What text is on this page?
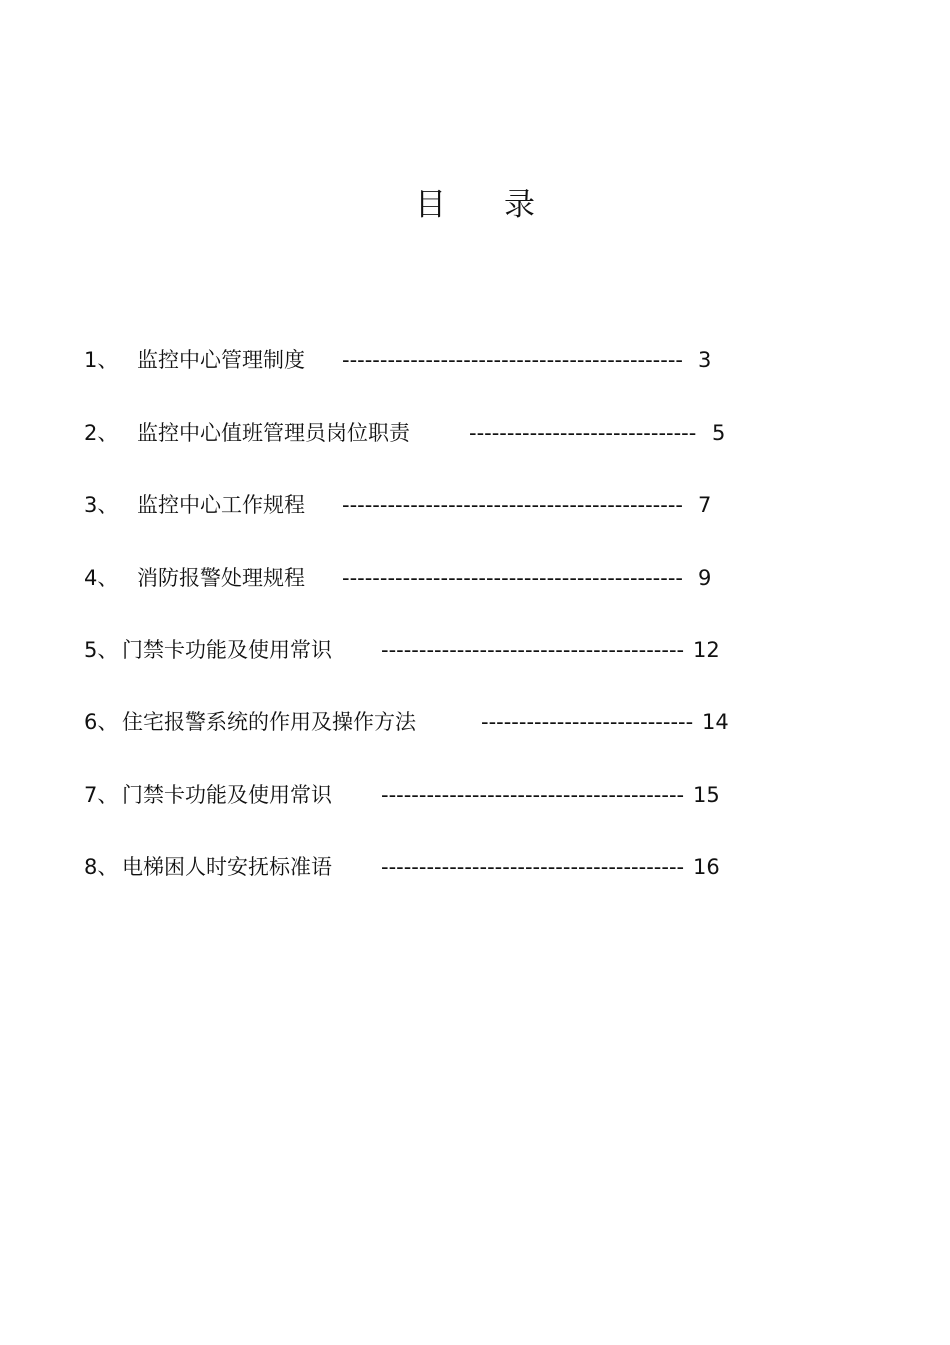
目 录
1、 监控中心管理制度 --------------------------------------------- 3
2、 监控中心值班管理员岗位职责	------------------------------ 5
3、 监控中心工作规程 --------------------------------------------- 7
4、 消防报警处理规程 --------------------------------------------- 9
5、 门禁卡功能及使用常识 ---------------------------------------- 12
6、 住宅报警系统的作用及操作方法	---------------------------- 14
7、 门禁卡功能及使用常识 ---------------------------------------- 15
8、 电梯困人时安抚标准语 ---------------------------------------- 16
